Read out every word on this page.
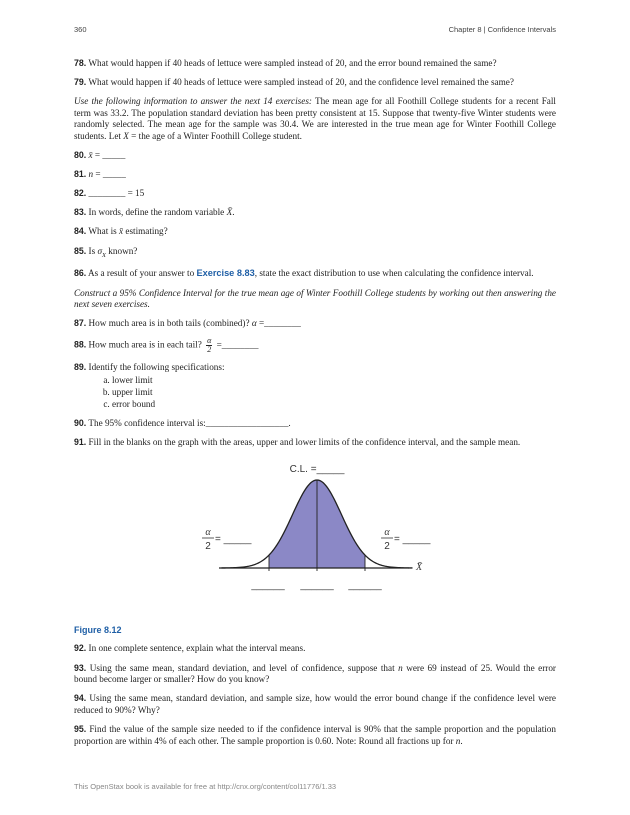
360	Chapter 8 | Confidence Intervals

78. What would happen if 40 heads of lettuce were sampled instead of 20, and the error bound remained the same?

79. What would happen if 40 heads of lettuce were sampled instead of 20, and the confidence level remained the same?

Use the following information to answer the next 14 exercises: The mean age for all Foothill College students for a recent Fall term was 33.2. The population standard deviation has been pretty consistent at 15. Suppose that twenty-five Winter students were randomly selected. The mean age for the sample was 30.4. We are interested in the true mean age for Winter Foothill College students. Let X = the age of a Winter Foothill College student.

80. x̄ = _____

81. n = _____

82. ________ = 15

83. In words, define the random variable X̄.

84. What is x̄ estimating?

85. Is $\sigma_X$ known?

86. As a result of your answer to Exercise 8.83, state the exact distribution to use when calculating the confidence interval.

Construct a 95% Confidence Interval for the true mean age of Winter Foothill College students by working out then answering the next seven exercises.

87. How much area is in both tails (combined)? α =________

88. How much area is in each tail? $\frac{\alpha}{2}$ =________

89. Identify the following specifications:

a. lower limit
b. upper limit
c. error bound

90. The 95% confidence interval is:__________________.

91. Fill in the blanks on the graph with the areas, upper and lower limits of the confidence interval, and the sample mean.

C.L. =_____
α
2
= _____
α
2
= _____
X̄
______ ______ ______
Figure 8.12

92. In one complete sentence, explain what the interval means.

93. Using the same mean, standard deviation, and level of confidence, suppose that n were 69 instead of 25. Would the error bound become larger or smaller? How do you know?

94. Using the same mean, standard deviation, and sample size, how would the error bound change if the confidence level were reduced to 90%? Why?

95. Find the value of the sample size needed to if the confidence interval is 90% that the sample proportion and the population proportion are within 4% of each other. The sample proportion is 0.60. Note: Round all fractions up for n.

This OpenStax book is available for free at http://cnx.org/content/col11776/1.33
